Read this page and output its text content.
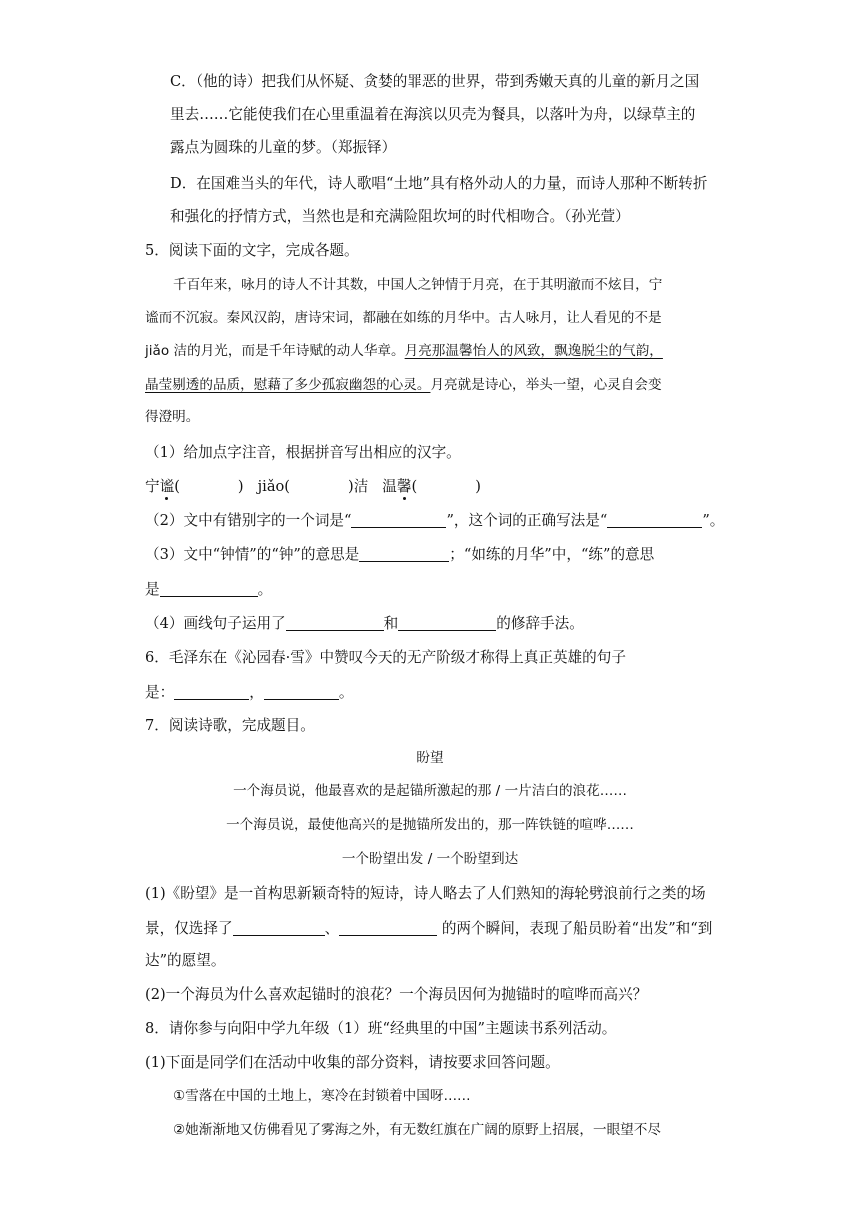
C．（他的诗）把我们从怀疑、贪婪的罪恶的世界，带到秀嫩天真的儿童的新月之国
里去……它能使我们在心里重温着在海滨以贝壳为餐具，以落叶为舟，以绿草主的
露点为圆珠的儿童的梦。（郑振铎）
D．在国难当头的年代，诗人歌唱“土地”具有格外动人的力量，而诗人那种不断转折
和强化的抒情方式，当然也是和充满险阻坎坷的时代相吻合。（孙光萱）
5．阅读下面的文字，完成各题。
千百年来，咏月的诗人不计其数，中国人之钟情于月亮，在于其明澈而不炫目，宁
谧而不沉寂。秦风汉韵，唐诗宋词，都融在如练的月华中。古人咏月，让人看见的不是
jiǎo 洁的月光，而是千年诗赋的动人华章。月亮那温馨怡人的风致，飘逸脱尘的气韵，
晶莹剔透的品质，慰藉了多少孤寂幽怨的心灵。月亮就是诗心，举头一望，心灵自会变
得澄明。
（1）给加点字注音，根据拼音写出相应的汉字。
宁谧(	) jiǎo(	)洁 温馨(	)
（2）文中有错别字的一个词是“	”，这个词的正确写法是“	”。
（3）文中“钟情”的“钟”的意思是	；“如练的月华”中，“练”的意思
是	。
（4）画线句子运用了	和	的修辞手法。
6．毛泽东在《沁园春·雪》中赞叹今天的无产阶级才称得上真正英雄的句子
是：	，	。
7．阅读诗歌，完成题目。
盼望
一个海员说，他最喜欢的是起锚所激起的那 / 一片洁白的浪花……
一个海员说，最使他高兴的是抛锚所发出的，那一阵铁链的喧哗……
一个盼望出发 / 一个盼望到达
(1)《盼望》是一首构思新颖奇特的短诗，诗人略去了人们熟知的海轮劈浪前行之类的场
景，仅选择了	、	的两个瞬间，表现了船员盼着“出发”和“到
达”的愿望。
(2)一个海员为什么喜欢起锚时的浪花？一个海员因何为抛锚时的喧哗而高兴？
8．请你参与向阳中学九年级（1）班“经典里的中国”主题读书系列活动。
(1)下面是同学们在活动中收集的部分资料，请按要求回答问题。
①雪落在中国的土地上，寒冷在封锁着中国呀……
②她渐渐地又仿佛看见了雾海之外，有无数红旗在广阔的原野上招展，一眼望不尽
